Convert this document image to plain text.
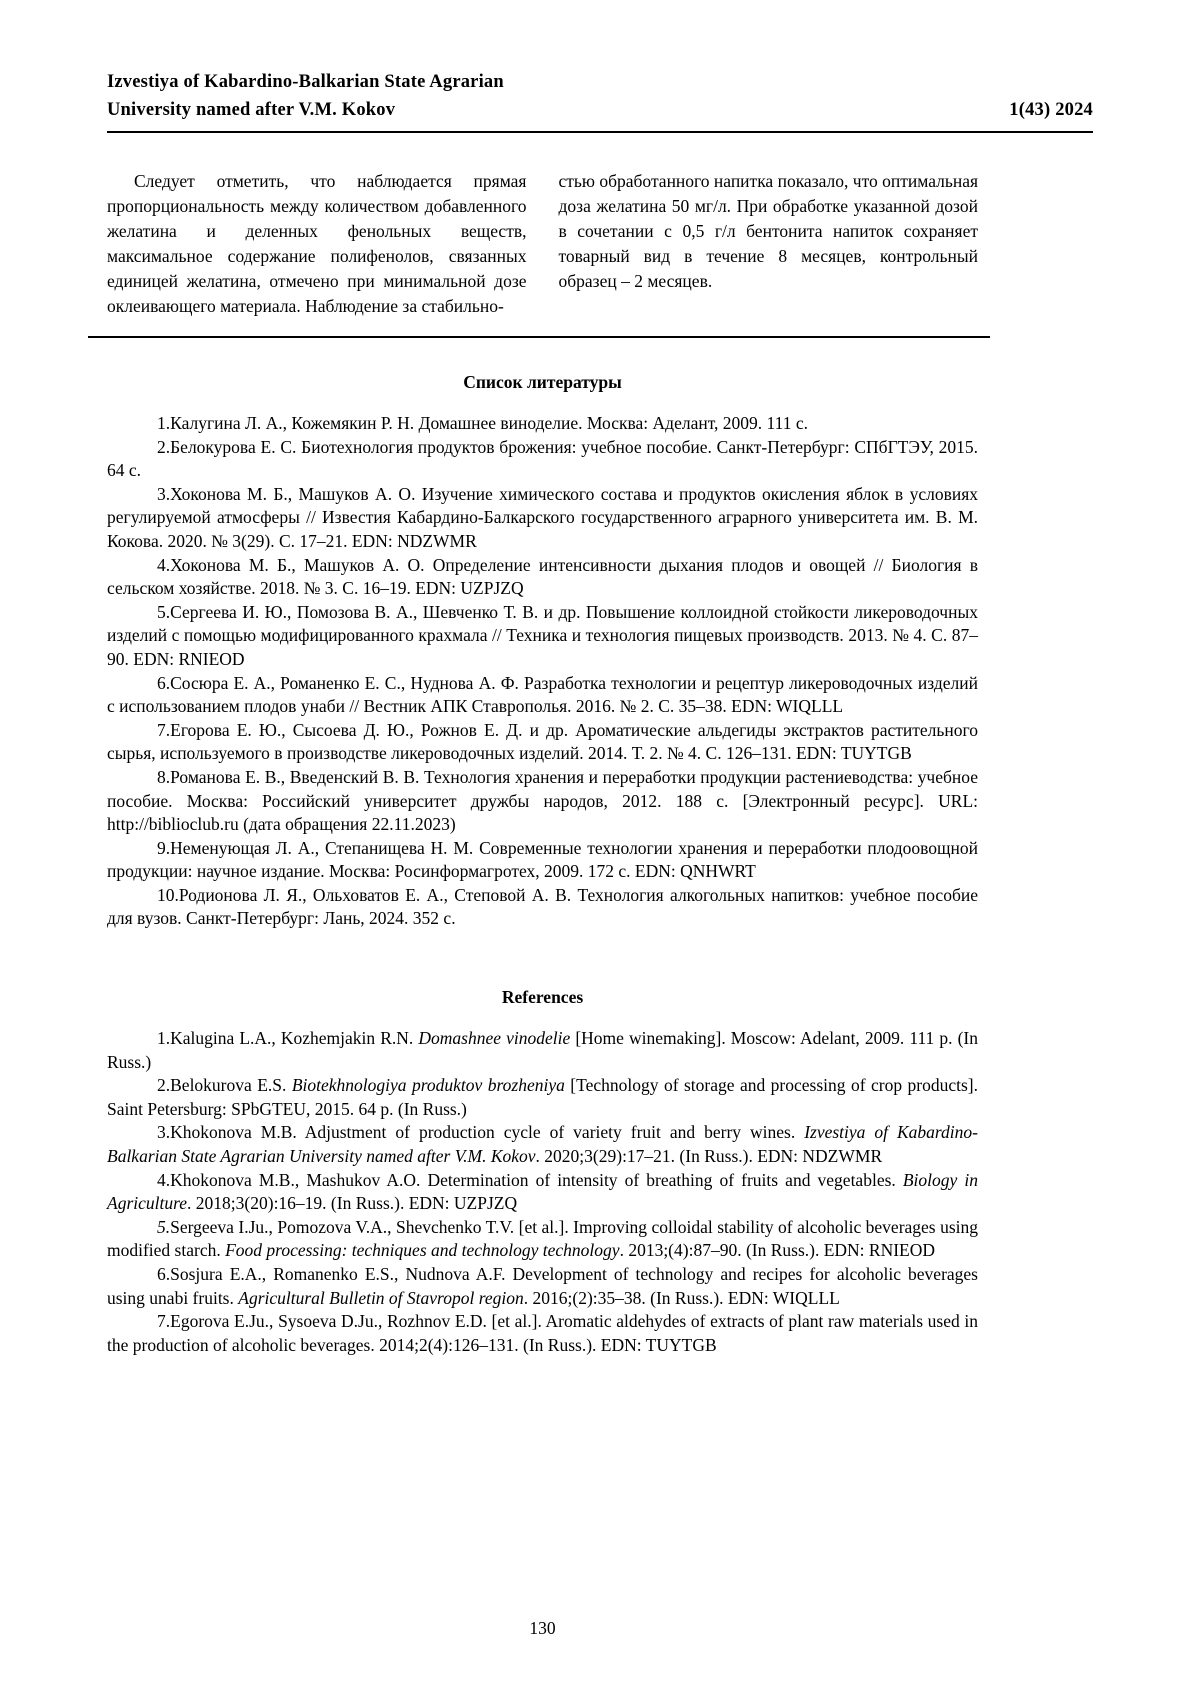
Izvestiya of Kabardino-Balkarian State Agrarian
University named after V.M. Kokov	1(43) 2024

Следует отметить, что наблюдается прямая пропорциональность между количеством добавленного желатина и деленных фенольных веществ, максимальное содержание полифенолов, связанных единицей желатина, отмечено при минимальной дозе оклеивающего материала. Наблюдение за стабильно-

стью обработанного напитка показало, что оптимальная доза желатина 50 мг/л. При обработке указанной дозой в сочетании с 0,5 г/л бентонита напиток сохраняет товарный вид в течение 8 месяцев, контрольный образец – 2 месяцев.

Список литературы

1.Калугина Л. А., Кожемякин Р. Н. Домашнее виноделие. Москва: Аделант, 2009. 111 с.

2.Белокурова Е. С. Биотехнология продуктов брожения: учебное пособие. Санкт-Петербург: СПбГТЭУ, 2015. 64 с.

3.Хоконова М. Б., Машуков А. О. Изучение химического состава и продуктов окисления яблок в условиях регулируемой атмосферы // Известия Кабардино-Балкарского государственного аграрного университета им. В. М. Кокова. 2020. № 3(29). С. 17–21. EDN: NDZWMR

4.Хоконова М. Б., Машуков А. О. Определение интенсивности дыхания плодов и овощей // Биология в сельском хозяйстве. 2018. № 3. С. 16–19. EDN: UZPJZQ

5.Сергеева И. Ю., Помозова В. А., Шевченко Т. В. и др. Повышение коллоидной стойкости ликероводочных изделий с помощью модифицированного крахмала // Техника и технология пищевых производств. 2013. № 4. С. 87–90. EDN: RNIEOD

6.Сосюра Е. А., Романенко Е. С., Нуднова А. Ф. Разработка технологии и рецептур ликероводочных изделий с использованием плодов унаби // Вестник АПК Ставрополья. 2016. № 2. С. 35–38. EDN: WIQLLL

7.Егорова Е. Ю., Сысоева Д. Ю., Рожнов Е. Д. и др. Ароматические альдегиды экстрактов растительного сырья, используемого в производстве ликероводочных изделий. 2014. Т. 2. № 4. С. 126–131. EDN: TUYTGB

8.Романова Е. В., Введенский В. В. Технология хранения и переработки продукции растениеводства: учебное пособие. Москва: Российский университет дружбы народов, 2012. 188 с. [Электронный ресурс]. URL: http://biblioclub.ru (дата обращения 22.11.2023)

9.Неменующая Л. А., Степанищева Н. М. Современные технологии хранения и переработки плодоовощной продукции: научное издание. Москва: Росинформагротех, 2009. 172 с. EDN: QNHWRT

10.Родионова Л. Я., Ольховатов Е. А., Степовой А. В. Технология алкогольных напитков: учебное пособие для вузов. Санкт-Петербург: Лань, 2024. 352 с.

References

1.Kalugina L.A., Kozhemjakin R.N. Domashnee vinodelie [Home winemaking]. Moscow: Adelant, 2009. 111 p. (In Russ.)

2.Belokurova E.S. Biotekhnologiya produktov brozheniya [Technology of storage and processing of crop products]. Saint Petersburg: SPbGTEU, 2015. 64 p. (In Russ.)

3.Khokonova M.B. Adjustment of production cycle of variety fruit and berry wines. Izvestiya of Kabardino-Balkarian State Agrarian University named after V.M. Kokov. 2020;3(29):17–21. (In Russ.). EDN: NDZWMR

4.Khokonova M.B., Mashukov A.O. Determination of intensity of breathing of fruits and vegetables. Biology in Agriculture. 2018;3(20):16–19. (In Russ.). EDN: UZPJZQ

5.Sergeeva I.Ju., Pomozova V.A., Shevchenko T.V. [et al.]. Improving colloidal stability of alcoholic beverages using modified starch. Food processing: techniques and technology technology. 2013;(4):87–90. (In Russ.). EDN: RNIEOD

6.Sosjura E.A., Romanenko E.S., Nudnova A.F. Development of technology and recipes for alcoholic beverages using unabi fruits. Agricultural Bulletin of Stavropol region. 2016;(2):35–38. (In Russ.). EDN: WIQLLL

7.Egorova E.Ju., Sysoeva D.Ju., Rozhnov E.D. [et al.]. Aromatic aldehydes of extracts of plant raw materials used in the production of alcoholic beverages. 2014;2(4):126–131. (In Russ.). EDN: TUYTGB

130
